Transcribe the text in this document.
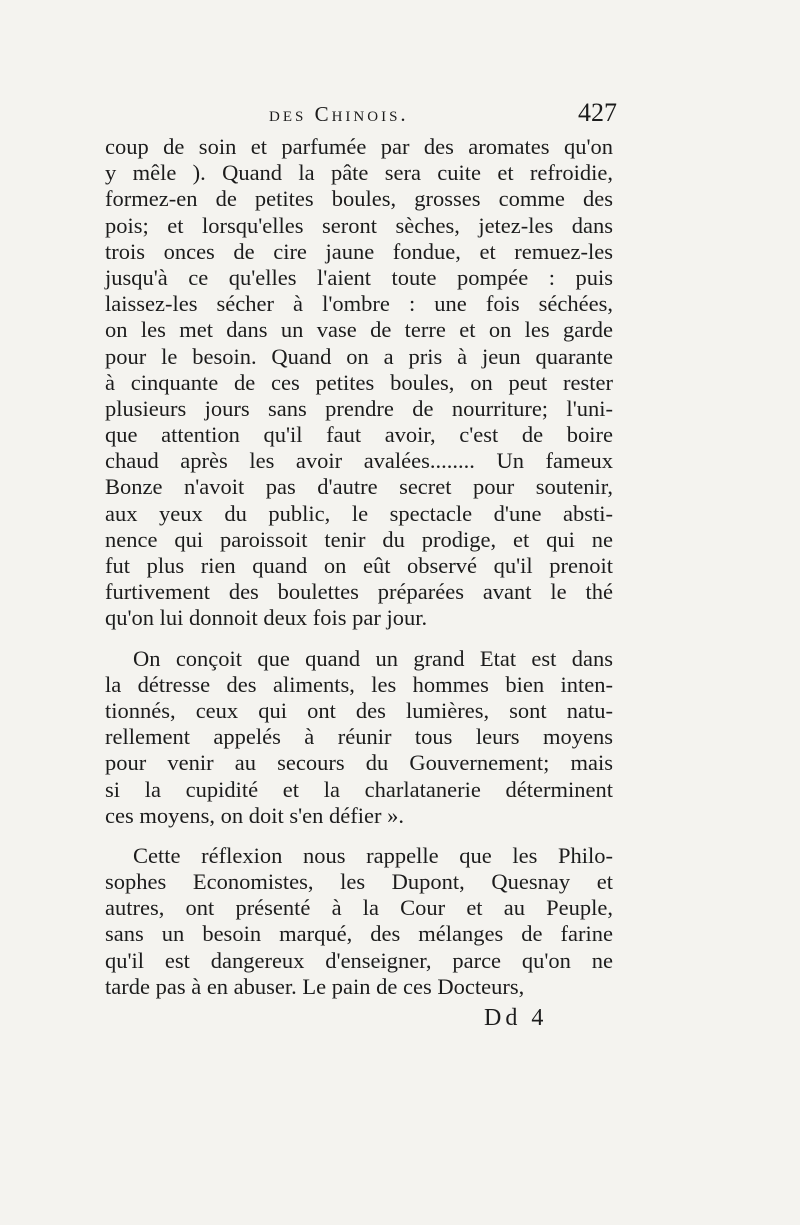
des Chinois.	427
coup de soin et parfumée par des aromates qu'on
y mêle ). Quand la pâte sera cuite et refroidie,
formez-en de petites boules, grosses comme des
pois; et lorsqu'elles seront sèches, jetez-les dans
trois onces de cire jaune fondue, et remuez-les
jusqu'à ce qu'elles l'aient toute pompée : puis
laissez-les sécher à l'ombre : une fois séchées,
on les met dans un vase de terre et on les garde
pour le besoin. Quand on a pris à jeun quarante
à cinquante de ces petites boules, on peut rester
plusieurs jours sans prendre de nourriture; l'uni-
que attention qu'il faut avoir, c'est de boire
chaud après les avoir avalées........ Un fameux
Bonze n'avoit pas d'autre secret pour soutenir,
aux yeux du public, le spectacle d'une absti-
nence qui paroissoit tenir du prodige, et qui ne
fut plus rien quand on eût observé qu'il prenoit
furtivement des boulettes préparées avant le thé
qu'on lui donnoit deux fois par jour.
On conçoit que quand un grand Etat est dans
la détresse des aliments, les hommes bien inten-
tionnés, ceux qui ont des lumières, sont natu-
rellement appelés à réunir tous leurs moyens
pour venir au secours du Gouvernement; mais
si la cupidité et la charlatanerie déterminent
ces moyens, on doit s'en défier ».
Cette réflexion nous rappelle que les Philo-
sophes Economistes, les Dupont, Quesnay et
autres, ont présenté à la Cour et au Peuple,
sans un besoin marqué, des mélanges de farine
qu'il est dangereux d'enseigner, parce qu'on ne
tarde pas à en abuser. Le pain de ces Docteurs,
Dd 4
